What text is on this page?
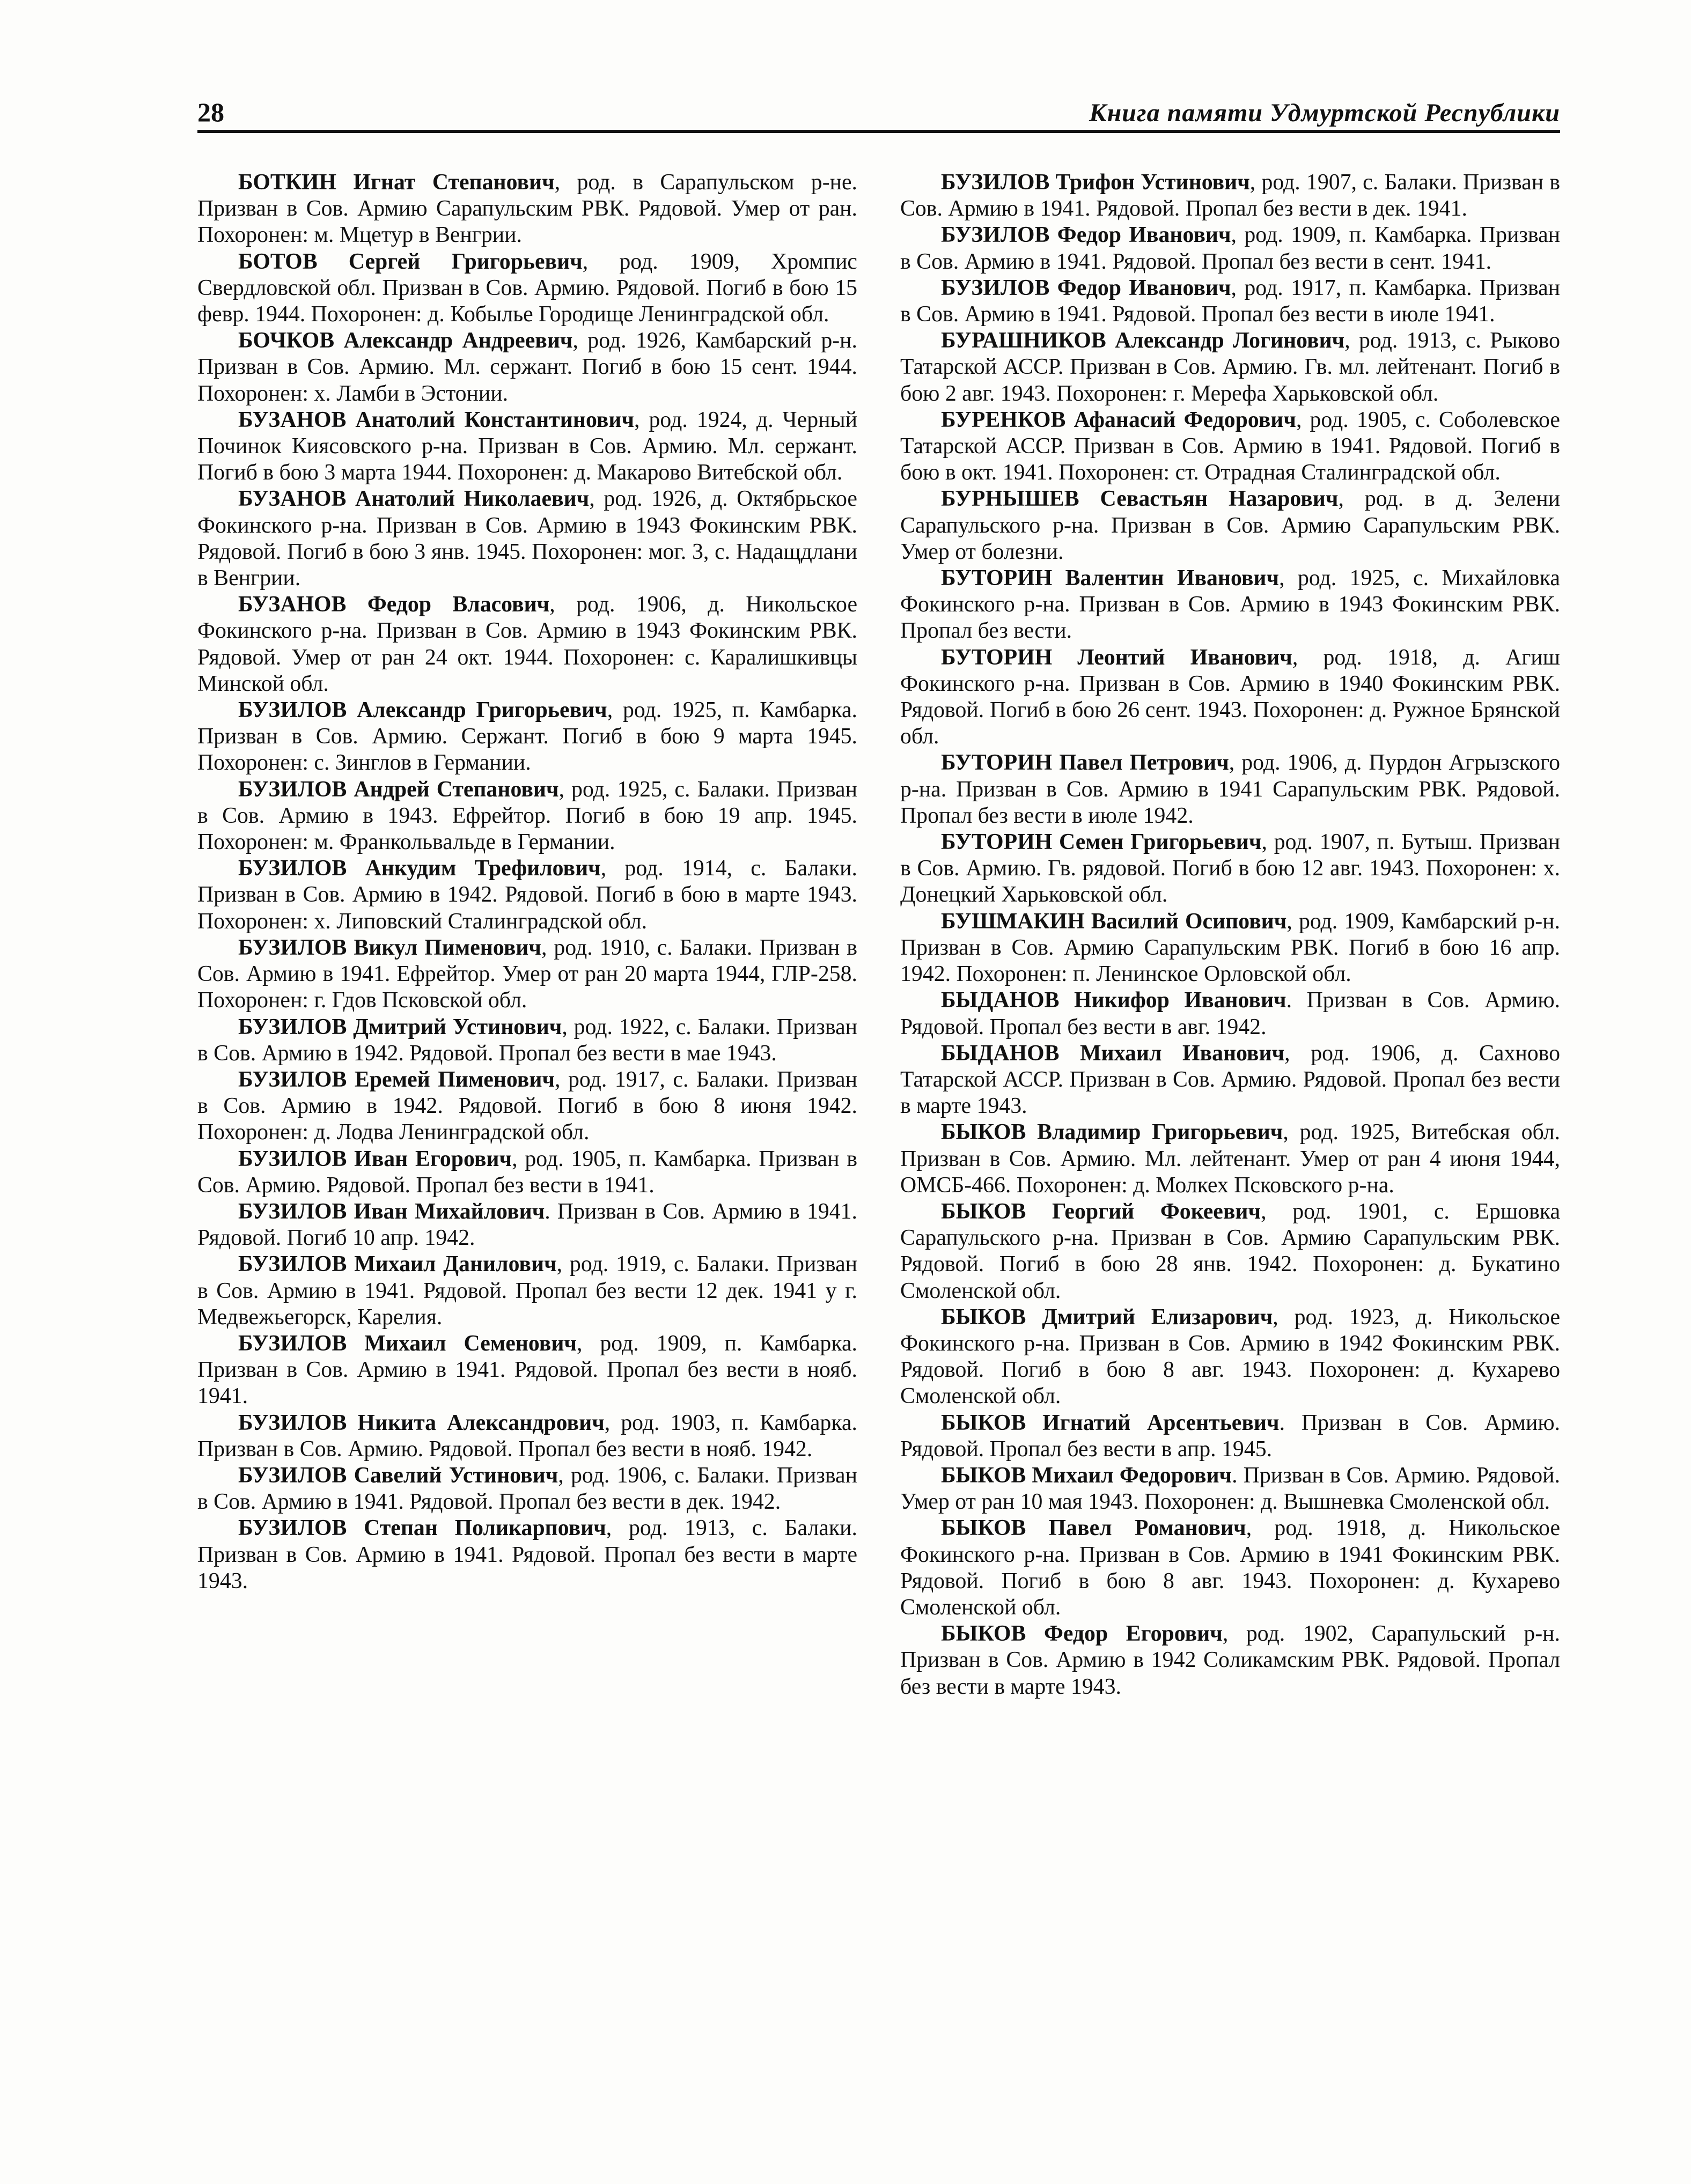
28	Книга памяти Удмуртской Республики

БОТКИН Игнат Степанович, род. в Сарапульском р-не. Призван в Сов. Армию Сарапульским РВК. Рядовой. Умер от ран. Похоронен: м. Мцетур в Венгрии.

БОТОВ Сергей Григорьевич, род. 1909, Хромпис Свердловской обл. Призван в Сов. Армию. Рядовой. Погиб в бою 15 февр. 1944. Похоронен: д. Кобылье Городище Ленинградской обл.

БОЧКОВ Александр Андреевич, род. 1926, Камбарский р-н. Призван в Сов. Армию. Мл. сержант. Погиб в бою 15 сент. 1944. Похоронен: х. Ламби в Эстонии.

БУЗАНОВ Анатолий Константинович, род. 1924, д. Черный Починок Киясовского р-на. Призван в Сов. Армию. Мл. сержант. Погиб в бою 3 марта 1944. Похоронен: д. Макарово Витебской обл.

БУЗАНОВ Анатолий Николаевич, род. 1926, д. Октябрьское Фокинского р-на. Призван в Сов. Армию в 1943 Фокинским РВК. Рядовой. Погиб в бою 3 янв. 1945. Похоронен: мог. 3, с. Надащдлани в Венгрии.

БУЗАНОВ Федор Власович, род. 1906, д. Никольское Фокинского р-на. Призван в Сов. Армию в 1943 Фокинским РВК. Рядовой. Умер от ран 24 окт. 1944. Похоронен: с. Каралишкивцы Минской обл.

БУЗИЛОВ Александр Григорьевич, род. 1925, п. Камбарка. Призван в Сов. Армию. Сержант. Погиб в бою 9 марта 1945. Похоронен: с. Зинглов в Германии.

БУЗИЛОВ Андрей Степанович, род. 1925, с. Балаки. Призван в Сов. Армию в 1943. Ефрейтор. Погиб в бою 19 апр. 1945. Похоронен: м. Франкольвальде в Германии.

БУЗИЛОВ Анкудим Трефилович, род. 1914, с. Балаки. Призван в Сов. Армию в 1942. Рядовой. Погиб в бою в марте 1943. Похоронен: х. Липовский Сталинградской обл.

БУЗИЛОВ Викул Пименович, род. 1910, с. Балаки. Призван в Сов. Армию в 1941. Ефрейтор. Умер от ран 20 марта 1944, ГЛР-258. Похоронен: г. Гдов Псковской обл.

БУЗИЛОВ Дмитрий Устинович, род. 1922, с. Балаки. Призван в Сов. Армию в 1942. Рядовой. Пропал без вести в мае 1943.

БУЗИЛОВ Еремей Пименович, род. 1917, с. Балаки. Призван в Сов. Армию в 1942. Рядовой. Погиб в бою 8 июня 1942. Похоронен: д. Лодва Ленинградской обл.

БУЗИЛОВ Иван Егорович, род. 1905, п. Камбарка. Призван в Сов. Армию. Рядовой. Пропал без вести в 1941.

БУЗИЛОВ Иван Михайлович. Призван в Сов. Армию в 1941. Рядовой. Погиб 10 апр. 1942.

БУЗИЛОВ Михаил Данилович, род. 1919, с. Балаки. Призван в Сов. Армию в 1941. Рядовой. Пропал без вести 12 дек. 1941 у г. Медвежьегорск, Карелия.

БУЗИЛОВ Михаил Семенович, род. 1909, п. Камбарка. Призван в Сов. Армию в 1941. Рядовой. Пропал без вести в нояб. 1941.

БУЗИЛОВ Никита Александрович, род. 1903, п. Камбарка. Призван в Сов. Армию. Рядовой. Пропал без вести в нояб. 1942.

БУЗИЛОВ Савелий Устинович, род. 1906, с. Балаки. Призван в Сов. Армию в 1941. Рядовой. Пропал без вести в дек. 1942.

БУЗИЛОВ Степан Поликарпович, род. 1913, с. Балаки. Призван в Сов. Армию в 1941. Рядовой. Пропал без вести в марте 1943.

БУЗИЛОВ Трифон Устинович, род. 1907, с. Балаки. Призван в Сов. Армию в 1941. Рядовой. Пропал без вести в дек. 1941.

БУЗИЛОВ Федор Иванович, род. 1909, п. Камбарка. Призван в Сов. Армию в 1941. Рядовой. Пропал без вести в сент. 1941.

БУЗИЛОВ Федор Иванович, род. 1917, п. Камбарка. Призван в Сов. Армию в 1941. Рядовой. Пропал без вести в июле 1941.

БУРАШНИКОВ Александр Логинович, род. 1913, с. Рыково Татарской АССР. Призван в Сов. Армию. Гв. мл. лейтенант. Погиб в бою 2 авг. 1943. Похоронен: г. Мерефа Харьковской обл.

БУРЕНКОВ Афанасий Федорович, род. 1905, с. Соболевское Татарской АССР. Призван в Сов. Армию в 1941. Рядовой. Погиб в бою в окт. 1941. Похоронен: ст. Отрадная Сталинградской обл.

БУРНЫШЕВ Севастьян Назарович, род. в д. Зелени Сарапульского р-на. Призван в Сов. Армию Сарапульским РВК. Умер от болезни.

БУТОРИН Валентин Иванович, род. 1925, с. Михайловка Фокинского р-на. Призван в Сов. Армию в 1943 Фокинским РВК. Пропал без вести.

БУТОРИН Леонтий Иванович, род. 1918, д. Агиш Фокинского р-на. Призван в Сов. Армию в 1940 Фокинским РВК. Рядовой. Погиб в бою 26 сент. 1943. Похоронен: д. Ружное Брянской обл.

БУТОРИН Павел Петрович, род. 1906, д. Пурдон Агрызского р-на. Призван в Сов. Армию в 1941 Сарапульским РВК. Рядовой. Пропал без вести в июле 1942.

БУТОРИН Семен Григорьевич, род. 1907, п. Бутыш. Призван в Сов. Армию. Гв. рядовой. Погиб в бою 12 авг. 1943. Похоронен: х. Донецкий Харьковской обл.

БУШМАКИН Василий Осипович, род. 1909, Камбарский р-н. Призван в Сов. Армию Сарапульским РВК. Погиб в бою 16 апр. 1942. Похоронен: п. Ленинское Орловской обл.

БЫДАНОВ Никифор Иванович. Призван в Сов. Армию. Рядовой. Пропал без вести в авг. 1942.

БЫДАНОВ Михаил Иванович, род. 1906, д. Сахново Татарской АССР. Призван в Сов. Армию. Рядовой. Пропал без вести в марте 1943.

БЫКОВ Владимир Григорьевич, род. 1925, Витебская обл. Призван в Сов. Армию. Мл. лейтенант. Умер от ран 4 июня 1944, ОМСБ-466. Похоронен: д. Молкех Псковского р-на.

БЫКОВ Георгий Фокеевич, род. 1901, с. Ершовка Сарапульского р-на. Призван в Сов. Армию Сарапульским РВК. Рядовой. Погиб в бою 28 янв. 1942. Похоронен: д. Букатино Смоленской обл.

БЫКОВ Дмитрий Елизарович, род. 1923, д. Никольское Фокинского р-на. Призван в Сов. Армию в 1942 Фокинским РВК. Рядовой. Погиб в бою 8 авг. 1943. Похоронен: д. Кухарево Смоленской обл.

БЫКОВ Игнатий Арсентьевич. Призван в Сов. Армию. Рядовой. Пропал без вести в апр. 1945.

БЫКОВ Михаил Федорович. Призван в Сов. Армию. Рядовой. Умер от ран 10 мая 1943. Похоронен: д. Вышневка Смоленской обл.

БЫКОВ Павел Романович, род. 1918, д. Никольское Фокинского р-на. Призван в Сов. Армию в 1941 Фокинским РВК. Рядовой. Погиб в бою 8 авг. 1943. Похоронен: д. Кухарево Смоленской обл.

БЫКОВ Федор Егорович, род. 1902, Сарапульский р-н. Призван в Сов. Армию в 1942 Соликамским РВК. Рядовой. Пропал без вести в марте 1943.
